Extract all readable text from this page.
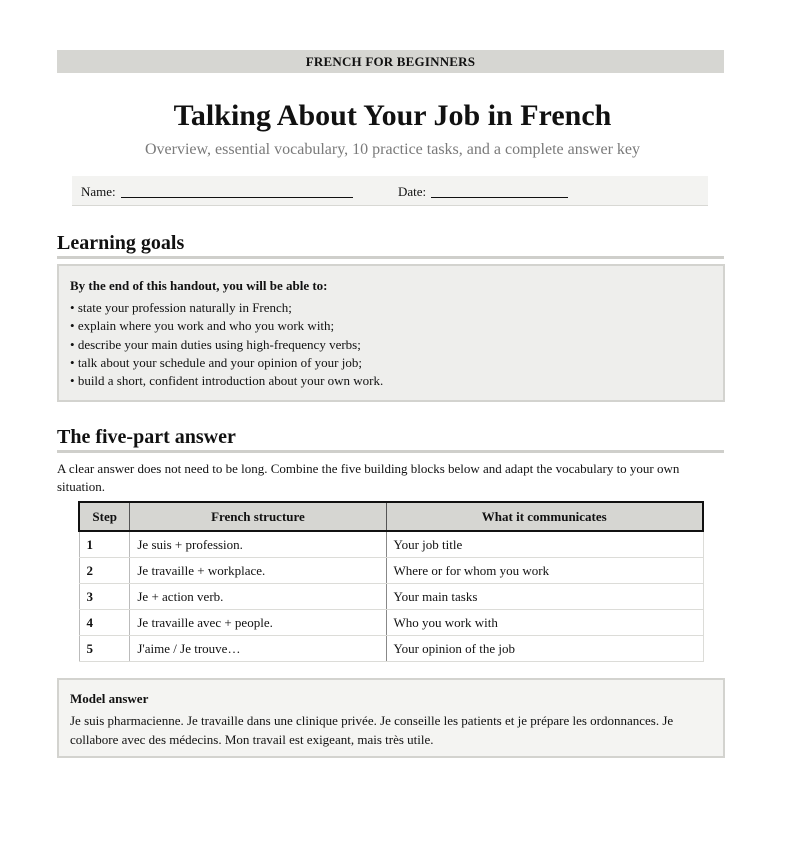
FRENCH FOR BEGINNERS
Talking About Your Job in French
Overview, essential vocabulary, 10 practice tasks, and a complete answer key
Name:	Date:
Learning goals
By the end of this handout, you will be able to:
• state your profession naturally in French;
• explain where you work and who you work with;
• describe your main duties using high-frequency verbs;
• talk about your schedule and your opinion of your job;
• build a short, confident introduction about your own work.
The five-part answer
A clear answer does not need to be long. Combine the five building blocks below and adapt the vocabulary to your own situation.
Step	French structure	What it communicates
1	Je suis + profession.	Your job title
2	Je travaille + workplace.	Where or for whom you work
3	Je + action verb.	Your main tasks
4	Je travaille avec + people.	Who you work with
5	J'aime / Je trouve…	Your opinion of the job
Model answer
Je suis pharmacienne. Je travaille dans une clinique privée. Je conseille les patients et je prépare les ordonnances. Je collabore avec des médecins. Mon travail est exigeant, mais très utile.
